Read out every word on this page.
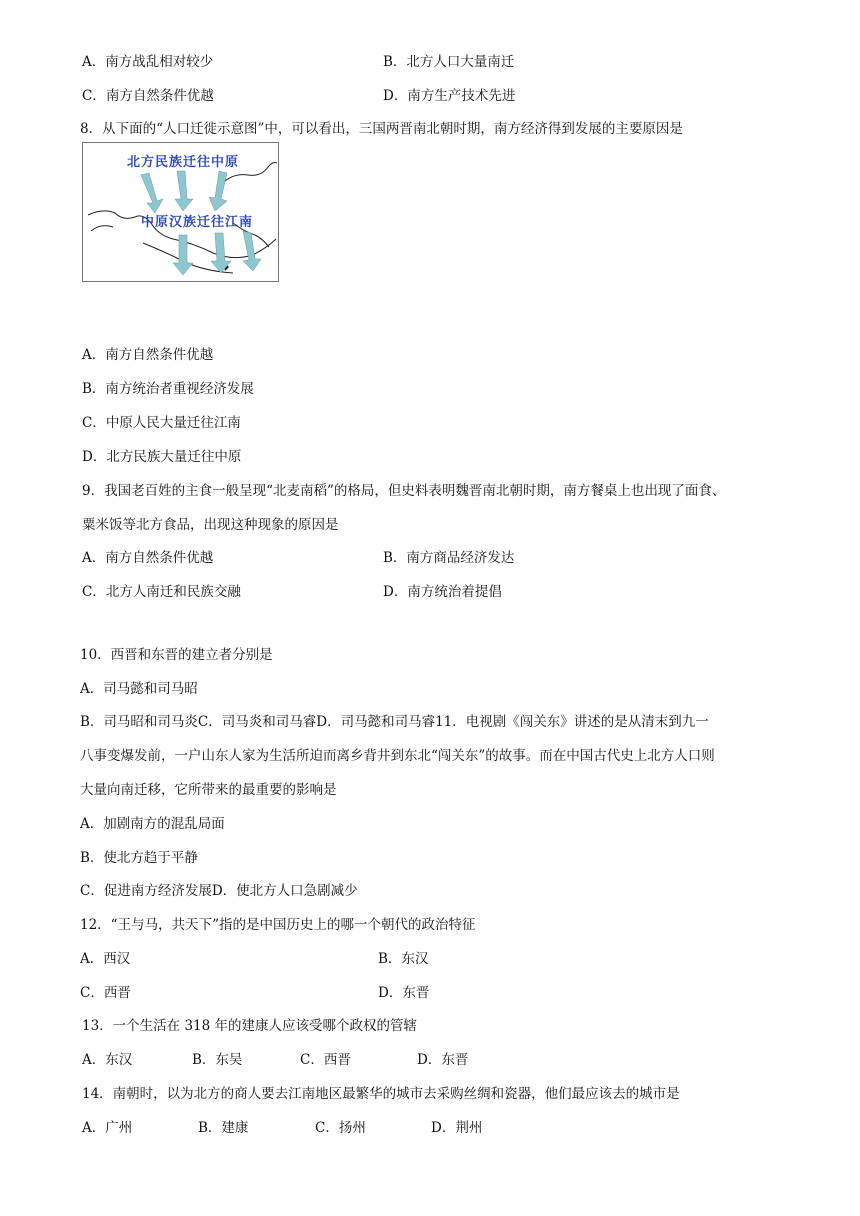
A．南方战乱相对较少	B．北方人口大量南迁
C．南方自然条件优越	D．南方生产技术先进
8．从下面的“人口迁徙示意图”中，可以看出，三国两晋南北朝时期，南方经济得到发展的主要原因是
北方民族迁往中原
中原汉族迁往江南
A．南方自然条件优越
B．南方统治者重视经济发展
C．中原人民大量迁往江南
D．北方民族大量迁往中原
9．我国老百姓的主食一般呈现“北麦南稻”的格局，但史料表明魏晋南北朝时期，南方餐桌上也出现了面食、
粟米饭等北方食品，出现这种现象的原因是
A．南方自然条件优越	B．南方商品经济发达
C．北方人南迁和民族交融	D．南方统治着提倡
10．西晋和东晋的建立者分别是
A．司马懿和司马昭
B．司马昭和司马炎C．司马炎和司马睿D．司马懿和司马睿11．电视剧《闯关东》讲述的是从清末到九一
八事变爆发前，一户山东人家为生活所迫而离乡背井到东北“闯关东”的故事。而在中国古代史上北方人口则
大量向南迁移，它所带来的最重要的影响是
A．加剧南方的混乱局面
B．使北方趋于平静
C．促进南方经济发展D．使北方人口急剧减少
12．“王与马，共天下”指的是中国历史上的哪一个朝代的政治特征
A．西汉	B．东汉
C．西晋	D．东晋
13．一个生活在 318 年的建康人应该受哪个政权的管辖
A．东汉	B．东吴	C．西晋	D．东晋
14．南朝时，以为北方的商人要去江南地区最繁华的城市去采购丝绸和瓷器，他们最应该去的城市是
A．广州	B．建康	C．扬州	D．荆州
